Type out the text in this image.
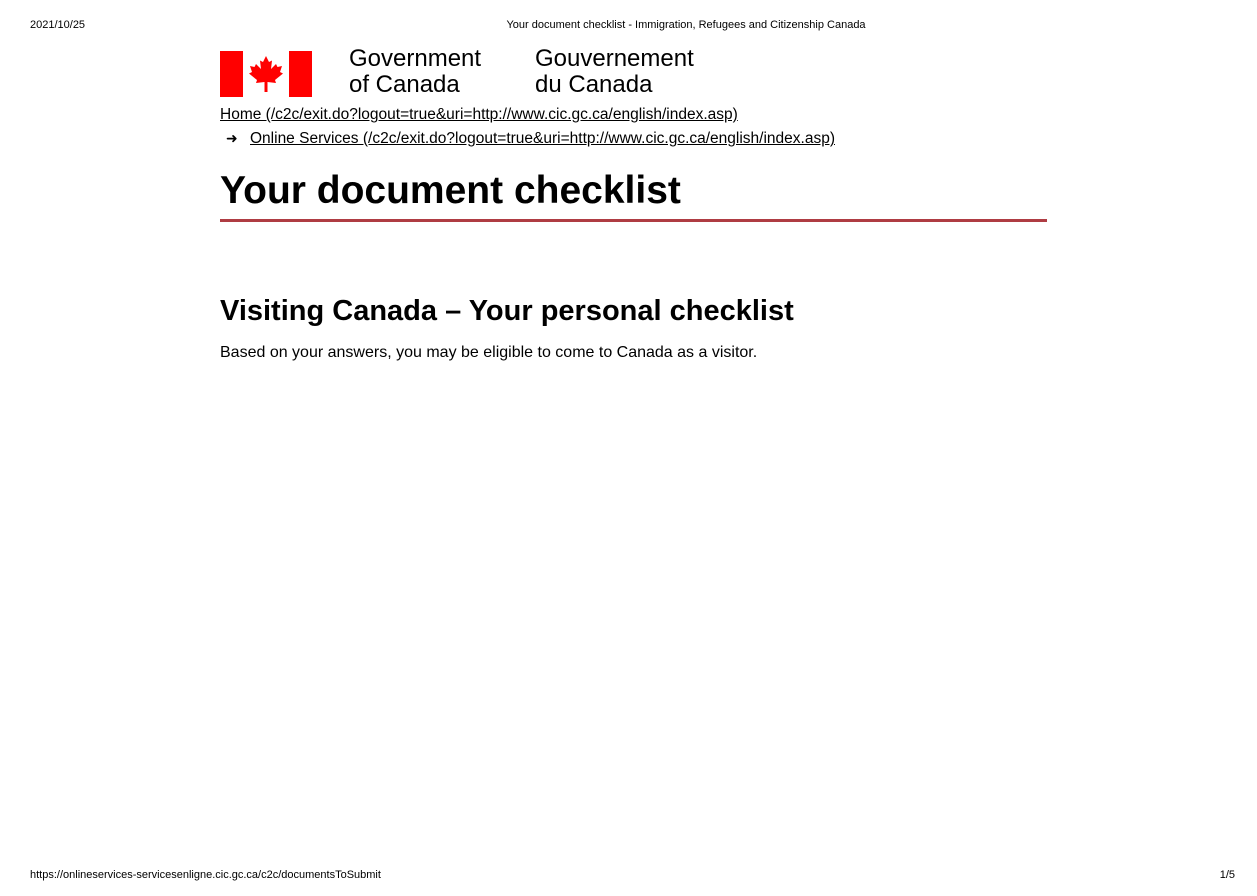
2021/10/25	Your document checklist - Immigration, Refugees and Citizenship Canada
Government
of Canada
Gouvernement
du Canada
Home (/c2c/exit.do?logout=true&uri=http://www.cic.gc.ca/english/index.asp)
➜ Online Services (/c2c/exit.do?logout=true&uri=http://www.cic.gc.ca/english/index.asp)
Your document checklist
Visiting Canada – Your personal checklist

Based on your answers, you may be eligible to come to Canada as a visitor.

https://onlineservices-servicesenligne.cic.gc.ca/c2c/documentsToSubmit	1/5
